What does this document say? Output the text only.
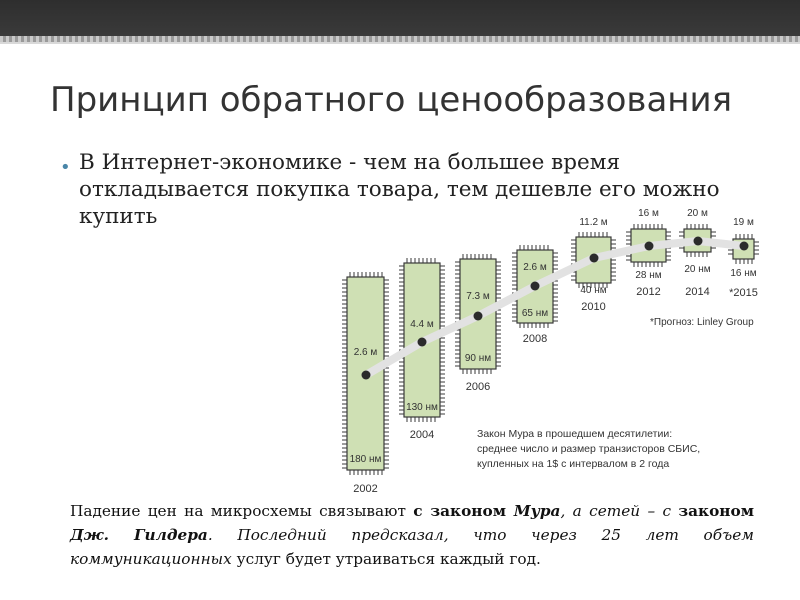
Принцип обратного ценообразования
• В Интернет-экономике - чем на большее время откладывается покупка товара, тем дешевле его можно купить
2.6 м
180 нм
2002
4.4 м
130 нм
2004
7.3 м
90 нм
2006
2.6 м
65 нм
2008
11.2 м
40 нм
2010
16 м
28 нм
2012
20 м
20 нм
2014
19 м
16 нм
*2015
*Прогноз: Linley Group
Закон Мура в прошедшем десятилетии:
среднее число и размер транзисторов СБИС,
купленных на 1$ с интервалом в 2 года
Падение цен на микросхемы связывают с законом Мура, а сетей – с законом Дж. Гилдера. Последний предсказал, что через 25 лет объем коммуникационных услуг будет утраиваться каждый год.
